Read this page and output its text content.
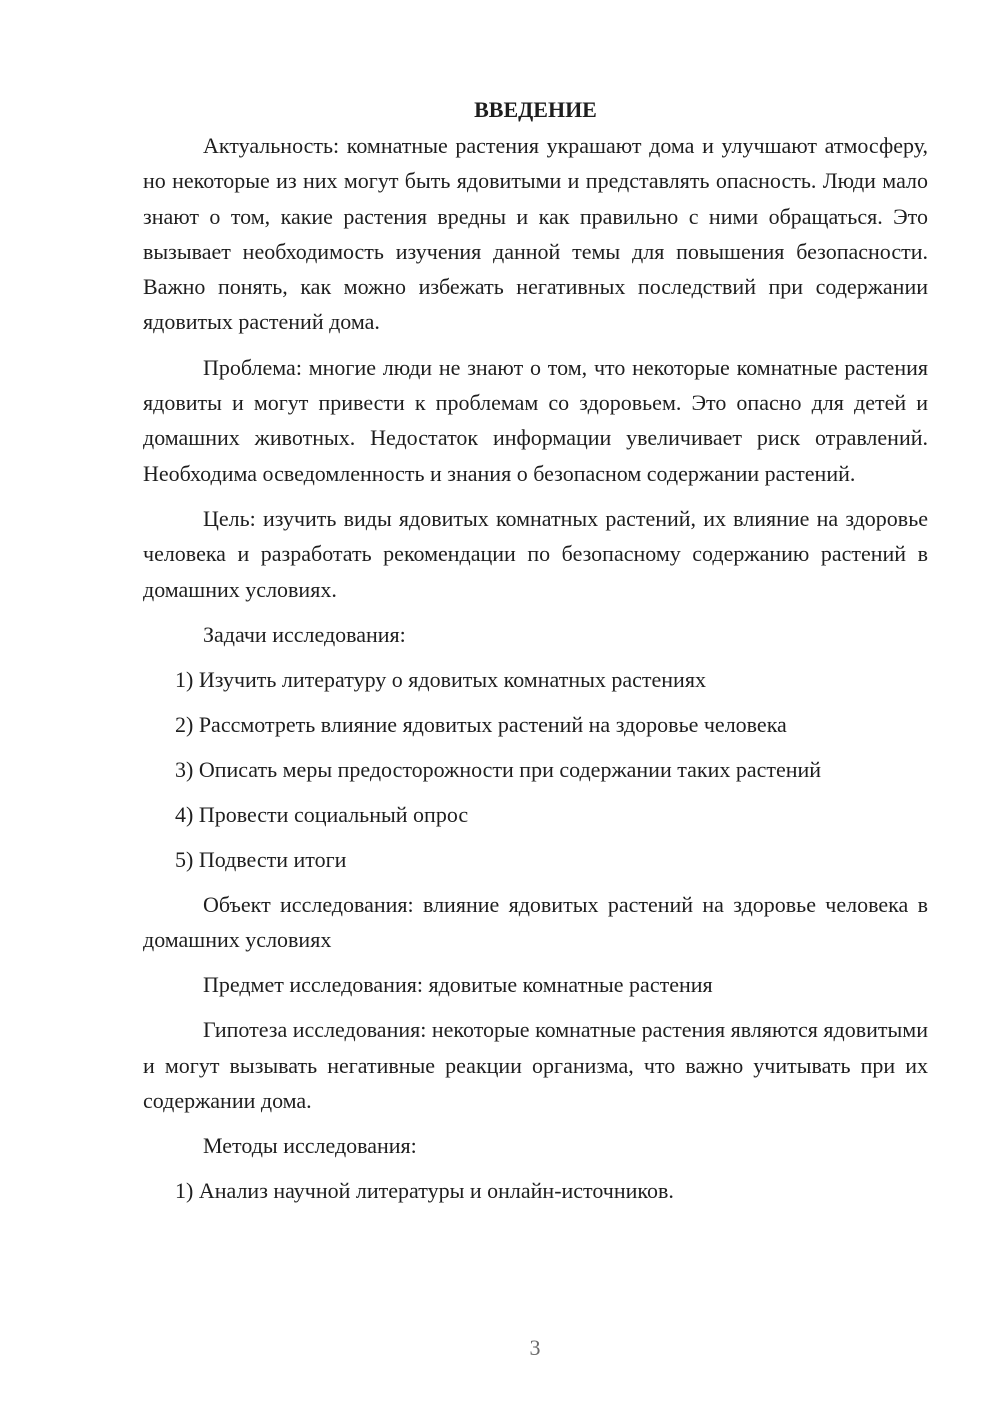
ВВЕДЕНИЕ

Актуальность: комнатные растения украшают дома и улучшают атмосферу, но некоторые из них могут быть ядовитыми и представлять опасность. Люди мало знают о том, какие растения вредны и как правильно с ними обращаться. Это вызывает необходимость изучения данной темы для повышения безопасности. Важно понять, как можно избежать негативных последствий при содержании ядовитых растений дома.

Проблема: многие люди не знают о том, что некоторые комнатные растения ядовиты и могут привести к проблемам со здоровьем. Это опасно для детей и домашних животных. Недостаток информации увеличивает риск отравлений. Необходима осведомленность и знания о безопасном содержании растений.

Цель: изучить виды ядовитых комнатных растений, их влияние на здоровье человека и разработать рекомендации по безопасному содержанию растений в домашних условиях.

Задачи исследования:

1) Изучить литературу о ядовитых комнатных растениях

2) Рассмотреть влияние ядовитых растений на здоровье человека

3) Описать меры предосторожности при содержании таких растений

4) Провести социальный опрос

5) Подвести итоги

Объект исследования: влияние ядовитых растений на здоровье человека в домашних условиях

Предмет исследования: ядовитые комнатные растения

Гипотеза исследования: некоторые комнатные растения являются ядовитыми и могут вызывать негативные реакции организма, что важно учитывать при их содержании дома.

Методы исследования:

1) Анализ научной литературы и онлайн-источников.

3
